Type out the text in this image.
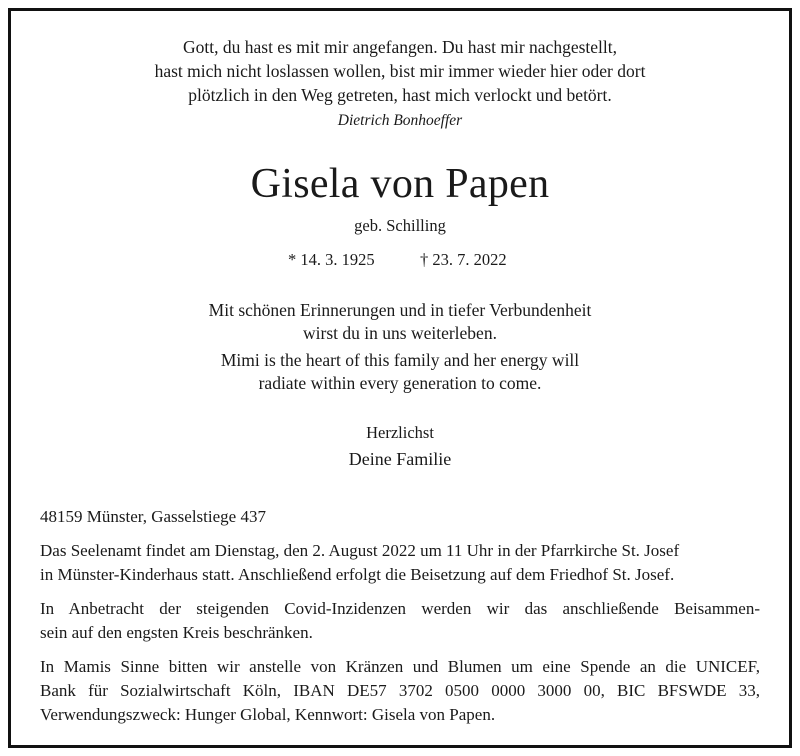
Gott, du hast es mit mir angefangen. Du hast mir nachgestellt,
hast mich nicht loslassen wollen, bist mir immer wieder hier oder dort
plötzlich in den Weg getreten, hast mich verlockt und betört.
Dietrich Bonhoeffer
Gisela von Papen
geb. Schilling
* 14. 3. 1925	† 23. 7. 2022
Mit schönen Erinnerungen und in tiefer Verbundenheit
wirst du in uns weiterleben.
Mimi is the heart of this family and her energy will
radiate within every generation to come.
Herzlichst
Deine Familie
48159 Münster, Gasselstiege 437
Das Seelenamt findet am Dienstag, den 2. August 2022 um 11 Uhr in der Pfarrkirche St. Josef
in Münster-Kinderhaus statt. Anschließend erfolgt die Beisetzung auf dem Friedhof St. Josef.
In Anbetracht der steigenden Covid-Inzidenzen werden wir das anschließende Beisammen-
sein auf den engsten Kreis beschränken.
In Mamis Sinne bitten wir anstelle von Kränzen und Blumen um eine Spende an die UNICEF,
Bank für Sozialwirtschaft Köln, IBAN DE57 3702 0500 0000 3000 00, BIC BFSWDE 33,
Verwendungszweck: Hunger Global, Kennwort: Gisela von Papen.
